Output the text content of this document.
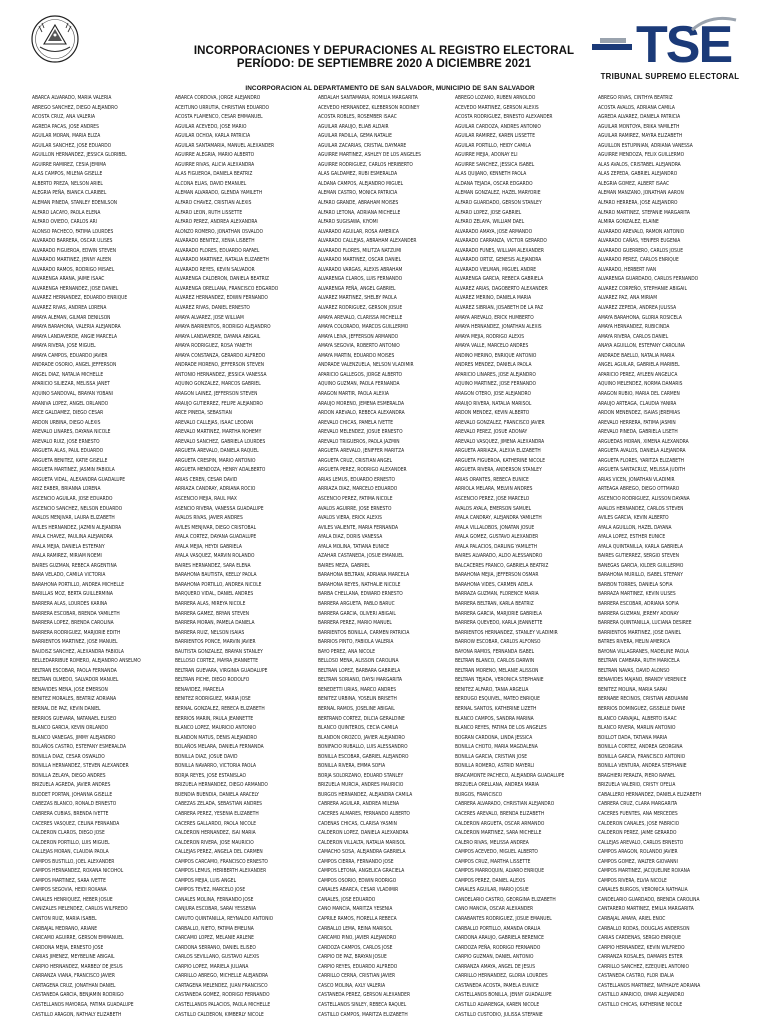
INCORPORACIONES Y DEPURACIONES AL REGISTRO ELECTORAL
PERÍODO: DE SEPTIEMBRE 2020 A DICIEMBRE 2021	TSE
TRIBUNAL SUPREMO ELECTORAL
INCORPORACION AL DEPARTAMENTO DE SAN SALVADOR, MUNICIPIO DE SAN SALVADOR
ABARCA ALVARADO, MARIA VALERIA
ABREGO SANCHEZ, DIEGO ALEJANDRO
ACOSTA CRUZ, ANA VALERIA
AGREDA PACAS, JOSE ANDRES
AGUILAR MORAN, MARIA ELIZA
AGUILAR SANCHEZ, JOSE EDUARDO
AGUILLON HERNANDEZ, JESSICA GLORIBEL
AGUIRRE RAMIREZ, CESIA JEMIMA
ALAS CAMPOS, MILENA GISELLE
ALBERTO PREZA, NELSON ARIEL
ALEGRIA PEÑA, BIANCA CLARIBEL
ALEMAN PINEDA, STANLEY EDENILSON
ALFARO LACAYO, PAOLA ELENA
ALFARO OVIEDO, CARLOS ARI
ALONSO PACHECO, FATIMA LOURDES
ALVARADO BARRERA, OSCAR ULISES
ALVARADO FIGUEROA, EDWIN STEVEN
ALVARADO MARTINEZ, JENNY ALEEN
ALVARADO RAMOS, RODRIGO MISAEL
ALVARENGA ARANA, JAIME ISAAC
ALVARENGA HERNANDEZ, JOSE DANIEL
ALVAREZ HERNANDEZ, EDUARDO ENRIQUE
ALVAREZ RIVAS, ANDREA LORENA
AMAYA ALEMAN, GILMAR DENILSON
AMAYA BARAHONA, VALERIA ALEJANDRA
AMAYA LANDAVERDE, ANGIE MARCELA
AMAYA RIVERA, JOSE MIGUEL
AMAYA CAMPOS, EDUARDO JAVIER
ANDRADE OSORIO, ANGEL JEFFERSON
ANGEL DIAZ, NATALIA MICHELLE
APARICIO SILIEZAR, MELISSA JANET
AQUINO SANDOVAL, BRAYAN YOBANI
ARANIVA LOPEZ, ANGEL ORLANDO
ARCE GALDAMEZ, DIEGO CESAR
ARDON URBINA, DIEGO ALEXIS
AREVALO LINARES, DAYANA NICOLE
AREVALO RUIZ, JOSE ERNESTO
ARGUETA ALAS, PAUL EDUARDO
ARGUETA BENITEZ, KATIE GISELLE
ARGUETA MARTINEZ, JASMIN FABIOLA
ARGUETA VIDAL, ALEXANDRA GUADALUPE
ARIZ EABER, BRIANNA LORENA
ASCENCIO AGUILAR, JOSE EDUARDO
ASCENCIO SANCHEZ, NELSON EDUARDO
AVALOS MENJIVAR, LAURA ELIZABETH
AVILES HERNANDEZ, JAZMIN ALEJANDRA
AYALA CHAVEZ, PAULINA ALEJANDRA
AYALA MEJIA, DANIELA ESTEFANY
AYALA RAMIREZ, MIRIAM NOEMI
BAIRES GUZMAN, REBECA ARGENTINA
BARA VELADO, CAMILA VICTORIA
BARAHONA PORTILLO, ANDREA MICHELLE
BARILLAS MOZ, BERTA GUILLERMINA
BARRERA ALAS, LOURDES KARINA
BARRERA ESCOBAR, BRENDA YAMILETH
BARRERA LOPEZ, BRENDA CAROLINA
BARRERA RODRIGUEZ, MARJORIE EDITH
BARRIENTOS MARTINEZ, JOSE MANUEL
BAUDISZ SANCHEZ, ALEXANDRA FABIOLA
BELLEDARRIBUE ROMERO, ALEJANDRO ANSELMO
BELTRAN ESCOBAR, PAOLA FERNANDA
BELTRAN OLMEDO, SALVADOR MANUEL
BENAVIDES MENA, JOSE EMERSON
BENITEZ MORALES, BEATRIZ ADRIANA
BERNAL DE PAZ, KEVIN DANIEL
BERRIOS GUEVARA, NATANAEL ELISEO
BLANCO GARCIA, KEVIN ORLANDO
BLANCO VANEGAS, JIMMY ALEJANDRO
BOLAÑOS CASTRO, ESTEFANY ESMERALDA
BONILLA DIAZ, CESAR OSWALDO
BONILLA HERNANDEZ, STEVEN ALEXANDER
BONILLA ZELAYA, DIEGO ANDRES
BRIZUELA AGREDA, JAVIER ANDRES
BUDDET PORTAN, JOHANNA GISELLE
CABEZAS BLANCO, RONALD ERNESTO
CABRERA CUBIAS, BRENDA IVETTE
CACERES VASQUEZ, CELINA FERNANDA
CALDERON CLAROS, DIEGO JOSE
CALDERON PORTILLO, LUIS MIGUEL
CALLEJAS MORAN, CLAUDIA PAOLA
CAMPOS BUSTILLO, JOEL ALEXANDER
CAMPOS HERNANDEZ, ROXANA NICOHOL
CAMPOS MARTINEZ, SARA IVETTE
CAMPOS SEGOVIA, HEIDI ROXANA
CANALES HENRIQUEZ, HEBER JOSUE
CANIZALES MELENDEZ, CARLOS WILFREDO
CANTON RUIZ, MARIA ISABEL
CARBAJAL MEDRANO, ARIANE
CARCAMO AGUIRRE, GERSON EMMANUEL
CARDONA MEJIA, ERNESTO JOSE
CARIAS JIMENEZ, MEYBELINE ABIGAIL
CARPIO HERNANDEZ, MARBELY DE JESUS
CARRANZA VIANA, FRANCISCO JAVIER
CARTAGENA CRUZ, JONATHAN DANIEL
CASTANEDA GARCIA, BENJAMIN RODRIGO
CASTELLANOS MAYORGA, FATIMA GUADALUPE
CASTILLO ARAGON, NATHALY ELIZABETH
ABARCA CORDOVA, JORGE ALEJANDRO
ACEITUNO URRUTIA, CHRISTIAN EDUARDO
ACOSTA FLAMENCO, CESAR EMMANUEL
AGUILAR ACEVEDO, JOSE MARIO
AGUILAR OCHOA, KARLA PATRICIA
AGUILAR SANTAMARIA, MANUEL ALEXANDER
AGUIRRE ALEGRIA, MARIO ALBERTO
AGUIRRE RIVAS, ALICIA ALEXANDRA
ALAS FIGUEROA, DANIELA BEATRIZ
ALCONA ELIAS, DAVID EMANUEL
ALEMAN ALVARADO, GLENDA YAMILETH
ALFARO CHAVEZ, CRISTIAN ALEXIS
ALFARO LEON, RUTH LISSETTE
ALFARO PEREZ, ANDREA ALEXANDRA
ALONZO ROMERO, JONATHAN OSVALDO
ALVARADO BENITEZ, XENIA LISBETH
ALVARADO FLORES, EDUARDO RAFAEL
ALVARADO MARTINEZ, NATALIA ELIZABETH
ALVARADO REYES, KEVIN SALVADOR
ALVARENGA CALDERON, DANIELA BEATRIZ
ALVARENGA ORELLANA, FRANCISCO EDGARDO
ALVAREZ HERNANDEZ, EDWIN FERNANDO
ALVAREZ RIVAS, DANIEL ERNESTO
AMAYA ALVAREZ, JOSE WILLIAM
AMAYA BARRIENTOS, RODRIGO ALEJANDRO
AMAYA LANDAVERDE, DAYANA ABIGAIL
AMAYA RODRIGUEZ, ROSA YANETH
AMAYA CONSTANZA, GERARDO ALFREDO
ANDRADE MORENO, JEFFERSON STEVEN
ANTONIO HERNANDEZ, JESSICA VANESSA
AQUINO GONZALEZ, MARCOS GABRIEL
ARAGON LAINEZ, JEFFERSON STEVEN
ARAUJO GUTIERREZ, FELIPE ALEJANDRO
ARCE PINEDA, SEBASTIAN
AREVALO CALLEJAS, ISAAC LEODAN
AREVALO MARTINEZ, MARTHA NOHEMY
AREVALO SANCHEZ, GABRIELA LOURDES
ARGUETA AREVALO, DANIELA RAQUEL
ARGUETA CRESPIN, MARIO ANTONIO
ARGUETA MENDOZA, HENRY ADALBERTO
ARIAS CEREN, CESAR DAVID
ARRIAZA CANDRAY, ADRIANA ROCIO
ASCENCIO MEJIA, RAUL MAX
ASENCIO RIVERA, VANESSA GUADALUPE
AVALOS RIVAS, JAVIER ANDRES
AVILES MENJIVAR, DIEGO CRISTOBAL
AYALA CORTEZ, DAYANA GUADALUPE
AYALA MEJIA, HEYDI GABRIELA
AYALA VASQUEZ, MARVIN ROLANDO
BAIRES HERNANDEZ, SARA ELENA
BARAHONA BAUTISTA, KEELLY PAOLA
BARAHONA PORTILLO, ANDREA NICOLE
BARQUERO VIDAL, DANIEL ANDRES
BARRERA ALAS, MIREYA NICOLE
BARRERA GAMEZ, BRYAN STEVEN
BARRERA MORAN, PAMELA DANIELA
BARRERA RUIZ, NELSON ISAIAS
BARRIENTOS PONCE, MARVIN JAVIER
BAUTISTA GONZALEZ, BRAYAN STANLEY
BELLOSO CORTEZ, MAYRA JEANNETTE
BELTRAN GUEVARA, VIRGINIA GUADALUPE
BELTRAN PICHE, DIEGO RODOLFO
BENAVIDEZ, MARCELA
BENITEZ RODRIGUEZ, MARIA JOSE
BERNAL GONZALEZ, REBECA ELIZABETH
BERRIOS MARIN, PAULA JEANNETTE
BLANCO LOPEZ, MAURICIO ANTONIO
BLANDON MATUS, DENIS ALEJANDRO
BOLAÑOS MELARA, DANIELA FERNANDA
BONILLA DIAZ, JOSUE DAVID
BONILLA NAVARRO, VICTORIA PAOLA
BORJA REYES, JOSE ESTANISLAO
BRIZUELA HERNANDEZ, DIEGO ARMANDO
BUENDIA BUENDIA, DANIELA ARACELY
CABEZAS ZELADA, SEBASTIAN ANDRES
CABRERA PEREZ, YESENIA ELIZABETH
CACERES GALLARDO, PAOLA NICOLE
CALDERON HERNANDEZ, ISAI MARIA
CALDERON RIVERA, JOSE MAURICIO
CALLEJAS PEREZ, ANGELA DEL CARMEN
CAMPOS CARCAMO, FRANCISCO ERNESTO
CAMPOS LEMUS, HERIBERTH ALEXANDER
CAMPOS MEJIA, LUIS ANGEL
CAMPOS TEVEZ, MARCELO JOSE
CANALES MOLINA, FERNANDO JOSE
CANJURA ESCOBAR, SARAI YESSENIA
CANUTO QUINTANILLA, REYNALDO ANTONIO
CARBALLO, NIETO, FATIMA EMELINA
CARCAMO LOPEZ, MELANIE ARLENE
CARDONA SERRANO, DANIEL ELISEO
CARLOS SEVILLANO, GUSTAVO ALEXIS
CARPIO LOPEZ, MARIELA JULIANA
CARRILLO ABREGO, MICHELLE ALEJANDRA
CARTAGENA MELENDEZ, JUAN FRANCISCO
CASTANEDA GOMEZ, RODRIGO FERNANDO
CASTELLANOS PALACIOS, PAOLA MICHELLE
CASTILLO CALDERON, KIMBERLY NICOLE
ABDALAH SANTAMARIA, ROMILIA MARGARITA
ACEVEDO HERNANDEZ, KLEBERSON RODINEY
ACOSTA ROBLES, ROSEMBER ISAAC
AGUILAR ARAUJO, ELIAB ALDAIR
AGUILAR PADILLA, GEMA NATALIE
AGUILAR ZACARIAS, CRISTIAL DAYMARE
AGUIRRE MARTINEZ, ASHLEY DE LOS ANGELES
AGUIRRE RODRIGUEZ, CARLOS HERIBERTO
ALAS GALDAMEZ, RUBI ESMERALDA
ALDANA CAMPOS, ALEJANDRO MIGUEL
ALEMAN CASTRO, MONICA PATRICIA
ALFARO GRANDE, ABRAHAM MOISES
ALFARO LETONA, ADRIANA MICHELLE
ALFARO SUGISAWA, KIYOMI
ALVARADO AGUILAR, ROSA AMERICA
ALVARADO CALLEJAS, ABRAHAM ALEXANDER
ALVARADO FLORES, MILITZA NATZUMI
ALVARADO MARTINEZ, OSCAR DANIEL
ALVARADO VARGAS, ALEXIS ABRAHAM
ALVARENGA CLAROS, LUIS FERNANDO
ALVARENGA PEÑA, ANGEL GABRIEL
ALVAREZ MARTINEZ, SHELBY PAOLA
ALVAREZ RODRIGUEZ, GERSON JOSUE
AMAYA AREVALO, CLARISSA MICHELLE
AMAYA COLORADO, MARCOS GUILLERMO
AMAYA LEIVA, JEFFERSON ARMANDO
AMAYA SEGOVIA, ROBERTO ANTONIO
AMAYA MARTIN, EDUARDO MOISES
ANDRADE VALENZUELA, NELSON VLADIMIR
APARICIO GALLEGOS, JORGE ALBERTO
AQUINO GUZMAN, PAOLA FERNANDA
ARAGON MARTIR, PAOLA ALEXIA
ARAUJO MORENO, JEMENA ESMERALDA
ARDON AREVALO, REBECA ALEXANDRA
AREVALO CHICAS, PAMELA IVETTE
AREVALO MELENDEZ, JOSUE ERNESTO
AREVALO TRIGUEROS, PAOLA JAZMIN
ARGUETA AREVALO, JENIFFER MARITZA
ARGUETA CRUZ, CRISTIAN ANGEL
ARGUETA PEREZ, RODRIGO ALEXANDER
ARIAS LEMUS, EDUARDO ERNESTO
ARRIAZA DIAZ, MARCELO EDUARDO
ASCENCIO PEREZ, FATIMA NICOLE
AVALOS AGUIRRE, JOSE ERNESTO
AVALOS VIERA, ERICK ALEXIS
AVILES VALIENTE, MARIA FERNANDA
AYALA DIAZ, DORIS VANESSA
AYALA MOLINA, TATIANA EUNICE
AZAHAR CASTANEDA, JOSUE EMANUEL
BAIRES MEZA, GABRIEL
BARAHONA BELTRAN, ADRIANA MARCELA
BARAHONA REYES, NATHALIE NICOLE
BARBA CHELLANA, EDWARD ERNESTO
BARRERA ARGUETA, PABLO BARUC
BARRERA GARCIA, OLIVERI ABIGAIL
BARRERA PEREZ, MARIO MANUEL
BARRIENTOS BONILLA, CARMEN PATRICIA
BARRIOS PINTO, FABIOLA VALERIA
BAYO PEREZ, ANA NICOLE
BELLOSO MENA, ALISSON CAROLINA
BELTRAN LOPEZ, BARBARA GABRIELA
BELTRAN SORIANO, DAYSI MARGARITA
BENEDETTI URIAS, MARCO ANDRES
BENITEZ URBINA, YOSELIN BRISETH
BERNAL RAMOS, JOSELINE ABIGAIL
BERTRAND CORTEZ, DILCIA GERALDINE
BLANCO QUINTEROS, CECIA CAMILA
BLANDON OROZCO, JAVIER ALEJANDRO
BONIFACIO RUBALLO, LUIS ALESSANDRO
BONILLA ESCOBAR, GABRIEL ALEJANDRO
BONILLA RIVERA, EMMA SOFIA
BORJA SOLORZANO, EDUARD STANLEY
BRIZUELA MURCIA, ANDRES MAURICIO
BURGOS HERNANDEZ, ALEJANDRA CAMILA
CABRERA AGUILAR, ANDREA MILENA
CACERES ALMARES, FERNANDO ALBERTO
CADENAS CHICAS, CLARISA YASMIN
CALDERON LOPEZ, DANIELA ALEXANDRA
CALDERON VILLALTA, NATALIA MARISOL
CAMACHO SOSA, ALEJANDRA GABRIELA
CAMPOS CIERRA, FERNANDO JOSE
CAMPOS LETONA, ANGELICA GRACIELA
CAMPOS OSORIO, EDWIN RODRIGO
CANALES ABARCA, CESAR VLADIMIR
CANALES, JOSE EDUARDO
CANO MANCIA, MARITZA YESENIA
CAPRILE RAMOS, FIORELLA REBECA
CARBALLO LEMA, REINA MARISOL
CARCAMO PINO, JAVIER ALEJANDRO
CARDOZA CAMPOS, CARLOS JOSE
CARPIO DE PAZ, BRAYAN JOSUE
CARPIO REYES, EDUARDO ALFREDO
CARRILLO CERNA, CRISTIAN JAVIER
CASCO MOLINA, AXLY VALERIA
CASTANEDA PEREZ, GERSON ALEXANDER
CASTELLANOS SINLEY, REBECA RAQUEL
CASTILLO CAMPOS, MARITZA ELIZABETH
ABREGO LOZANO, RUBEN ARNOLDO
ACEVEDO MARTINEZ, GERSON ALEXIS
ACOSTA RODRIGUEZ, ERNESTO ALEXANDER
AGUILAR CARDOZA, ANDRES ANTONIO
AGUILAR RAMIREZ, KAREN LISSETTE
AGUILAR PORTILLO, HEIDY CAMILA
AGUIRRE MEJIA, ADONAY ELI
AGUIRRE SANCHEZ, JESSICA ISABEL
ALAS QUIJANO, KENNETH PAOLA
ALDANA TEJADA, OSCAR EDGARDO
ALEMAN GONZALEZ, HAZEL MARYORIE
ALFARO GUARDADO, GERSON STANLEY
ALFARO LOPEZ, JOSE GABRIEL
ALFARO ZELAYA, WILLIAM DAEL
ALVARADO AMAYA, JOSE ARMANDO
ALVARADO CARRANZA, VICTOR GERARDO
ALVARADO FUNES, WILLIAM ALEXANDER
ALVARADO ORTIZ, GENESIS ALEJANDRA
ALVARADO VIELMAN, MIGUEL ANDRE
ALVARENGA GARCIA, REBECA GABRIELA
ALVAREZ ARIAS, DAGOBERTO ALEXANDER
ALVAREZ MERINO, DANIELA MARIA
ALVAREZ SIBRIAN, JOSABETH DE LA PAZ
AMAYA AREVALO, ERICK HUMBERTO
AMAYA HERNANDEZ, JONATHAN ALEXIS
AMAYA MEJIA, RODRIGO ALEXIS
AMAYA VALLE, MARCELO ANDRES
ANDINO MERINO, ENRIQUE ANTONIO
ANDRES MENDEZ, DANIELA PAOLA
APARICIO LINARES, JOSE ALEJANDRO
AQUINO MARTINEZ, JOSE FERNANDO
ARAGON OTERO, JOSE ALEJANDRO
ARAUJO RIVERA, NATALIA MARISOL
ARDON MENDEZ, KEVIN ALBERTO
AREVALO GONZALEZ, FRANCISCO JAVIER
AREVALO PEREZ, JOSUE ADONAY
AREVALO VASQUEZ, JIMENA ALEXANDRA
ARGUETA ARRIAZA, ALEXIA ELIZABETH
ARGUETA FIGUEROA, KATHERINE NICOLE
ARGUETA RIVERA, ANDERSON STANLEY
ARIAS ORANTES, REBECA EUNICE
ARRIOLA MELARA, MELVIN ANDRES
ASCENCIO PEREZ, JOSE MARCELO
AVALOS AYALA, EMERSON SAMUEL
AYALA CANDRAY, ALEJANDRA YAMILETH
AYALA VILLALOBOS, JONATAN JOSUE
AYALA GOMEZ, GUSTAVO ALEXANDER
AYALA PALACIOS, DARLING YAMILETH
BAIRES ALVARADO, ALDO ALESSANDRO
BALCACERES FRANCO, GABRIELA BEATRIZ
BARAHONA MEJIA, JEFFERSON OSMAR
BARAHONA VIDES, CARMEN ADELA
BARRAZA GUZMAN, FLORENCE MARIA
BARRERA BELTRAN, KARLA BEATRIZ
BARRERA GARCIA, MARJORIE GABRIELA
BARRERA QUEVEDO, KARLA JEANNETTE
BARRIENTOS HERNANDEZ, STANLEY VLADIMIR
BARROW ESCOBAR, CARLOS ALFONSO
BAYONA RAMOS, FERNANDA ISABEL
BELTRAN BLANCO, CARLOS DARWIN
BELTRAN MORENO, MELANIE ALISSON
BELTRAN TEJADA, VERONICA STEPHANIE
BENITEZ ALFARO, TANIA ARGELIA
BERDUGO ESQUIVEL, MATEO ENRIQUE
BERNAL SANTOS, KATHERINE LIZETH
BLANCO CAMPOS, SANDRA MARINA
BLANCO REYES, FATIMA DE LOS ANGELES
BOGRAN CARDONA, LINDA JESSICA
BONILLA CHOTO, MARIA MAGDALENA
BONILLA GARCIA, CRISTIAN JOSE
BONILLA ROMERO, ASTRID MAYERLI
BRACAMONTE PACHECO, ALEJANDRA GUADALUPE
BRIZUELA ORELLANA, ANDREA MARIA
BURGOS, FRANCISCO
CABRERA ALVARADO, CHRISTIAN ALEJANDRO
CACERES AREVALO, BRENDA ELIZABETH
CALDERON ARGUETA, OSCAR ARMANDO
CALDERON MARTINEZ, SARA MICHELLE
CALERO RIVAS, MELISSA ANDREA
CAMPOS ACEVEDO, MIGUEL ALBERTO
CAMPOS CRUZ, MARTHA LISSETTE
CAMPOS MARROQUIN, ALVARO ENRIQUE
CAMPOS PEREZ, DANIEL ALEXIS
CANALES AGUILAR, MARIO JOSUE
CANDELARIO CASTRO, GEORGINA ELIZABETH
CANO MANCIA, OSCAR ALEXANDER
CARABANTES RODRIGUEZ, JOSUE EMANUEL
CARBALLO PORTILLO, AMANDA ORALIA
CARDONA ARAUJO, GABRIELA BERENICE
CARDOZA PEÑA, RODRIGO FERNANDO
CARPIO GUZMAN, DANIEL ANTONIO
CARRANZA AMAYA, ANGEL DE JESUS
CARRILLO HERNANDEZ, GLORIA LOURDES
CASTANEDA ACOSTA, PAMELA EUNICE
CASTELLANOS BONILLA, JENNY GUADALUPE
CASTILLO ALVARENGA, KAREN NICOLE
CASTILLO CUSTODIO, JULISSA STEFANIE
ABREGO RIVAS, CINTHYA BEATRIZ
ACOSTA AVALOS, ADRIANA CAMILA
AGREDA ALVAREZ, DANIELA PATRICIA
AGUILAR MONTOYA, ERIKA YAMILETH
AGUILAR RAMIREZ, MAYRA ELIZABETH
AGUILLON ESTUPINIAN, ADRIANA VANESSA
AGUIRRE MENDOZA, FELIX GUILLERMO
ALAS AVALOS, CRISTABEL ALEJANDRA
ALAS ZEPEDA, GABRIEL ALEJANDRO
ALEGRIA GOMEZ, ALBERT ISAAC
ALEMAN MANZANO, JONATHAN AARON
ALFARO HERRERA, JOSE ALEJANDRO
ALFARO MARTINEZ, STEFANIE MARGARITA
ALMIRA GONZALEZ, ELAINE
ALVARADO AREVALO, RAMON ANTONIO
ALVARADO CAÑAS, YENIFER EUGENIA
ALVARADO GUERRERO, CARLOS JOSUE
ALVARADO PEREZ, CARLOS ENRIQUE
ALVARADO, HERBERT IVAN
ALVARENGA GUARDADO, CARLOS FERNANDO
ALVAREZ CORPEÑO, STEPHANIE ABIGAIL
ALVAREZ PAZ, ANA MIRIAM
ALVAREZ ZEPEDA, ANDREA JULISSA
AMAYA BARAHONA, GLORIA ROSICELA
AMAYA HERNANDEZ, RUBICINDA
AMAYA RIVERA, CARLOS DANIEL
ANAYA AGUILLON, ESTEFANY CAROLINA
ANDRADE BAELLO, NATALIA MARIA
ANGEL AGUILAR, GABRIELA MARIBEL
APARICIO PEREZ, AYLEEN ANGELICA
AQUINO MELENDEZ, NORMA DAMARIS
ARAGON RUBIO, MARIA DEL CARMEN
ARAUJO ARTEAGA, CLAUDIA YANIRA
ARDON MENENDEZ, ISAIAS JEREMIAS
AREVALO HERRERA, FATIMA JASMIN
AREVALO PINEDA, GABRIELA LISETH
ARGUEDAS MORAN, XIMENA ALEXANDRA
ARGUETA AVALOS, DANIELA ALEJANDRA
ARGUETA FLORES, YARITZA ELIZABETH
ARGUETA SANTACRUZ, MELISSA JUDITH
ARIAS VICEN, JONATHAN VLADIMIR
ARTEAGA ABREGO, DIEGO OTTMARO
ASCENCIO RODRIGUEZ, ALISSON DAYANA
AVALOS HERNANDEZ, CARLOS STEVEN
AVILES GARCIA, KEVIN ALBERTO
AYALA AGUILLON, HAZEL DAYANA
AYALA LOPEZ, ESTHER EUNICE
AYALA QUINTANILLA, KARLA GABRIELA
BAIRES GUTIERREZ, SERGIO STEVEN
BANEGAS GARCIA, KILDER GUILLERMO
BARAHONA MURILLO, ISABEL STEFANY
BARBON TORRES, DANIELA SOFIA
BARRAZA MARTINEZ, KEVIN ULISES
BARRERA ESCOBAR, ADRIANA SOFIA
BARRERA GUZMAN, JEREMY ADONAY
BARRERA QUINTANILLA, LUCIANA DESIREE
BARRIENTOS MARTINEZ, JOSE DANIEL
BATRES RIVERA, MELIN AMERICA
BAYONA VILLAGRANES, MADELINE PAOLA
BELTRAN CAMBARA, RUTH MARICELA
BELTRAN NAVAS, DAVID ALONSO
BENAVIDES MAJANO, BRANDY VERENICE
BENITEZ MOLINA, MARIA SARAI
BERNABE RECINOS, CRISTIAN ABDUANNI
BERRIOS DOMINGUEZ, GISSELLE DIANE
BLANCO CARVAJAL, ALBERTO ISAAC
BLANCO RIVERA, MARLIN ANTONIO
BOILLOT DADA, TATIANA MARIA
BONILLA CORTEZ, ANDREA GEORGINA
BONILLA GARCIA, FRANCISCO ANTONIO
BONILLA VENTURA, ANDREA STEPHANIE
BRAGHIERI PERALTA, PIERO RAFAEL
BRIZUELA VALERIO, CRISTY OFELIA
CABALLERO HERNANDEZ, DANIELA ELIZABETH
CABRERA CRUZ, CLARA MARGARITA
CACERES FUENTES, ANA MERCEDES
CALDERON CANALES, JOSE FABRICIO
CALDERON PEREZ, JAIME GERARDO
CALLEJAS AREVALO, CARLOS ERNESTO
CAMPOS ARAGON, ROLANDO JAVIER
CAMPOS GOMEZ, WALTER GIOVANNI
CAMPOS MARTINEZ, JACQUELINE ROXANA
CAMPOS RIVERA, ELVIA NICOLE
CANALES BURGOS, VERONICA NATHALIA
CANDELARIO GUARDADO, BRENDA CAROLINA
CANTARERO MARTINEZ, EMILIA MARGARITA
CARBAJAL AMAYA, ARIEL ENOC
CARBALLO RODAS, DOUGLAS ANDERSON
CARIAS CARDENAS, SERGIO ENRIQUE
CARPIO HERNANDEZ, KEVIN WILFREDO
CARRANZA ROSALES, DAMARIS ESTER
CARRILLO SANCHEZ, EZEQUIEL ANTONIO
CASTANEDA CASTRO, FLOR IDALIA
CASTELLANOS MARTINEZ, NATHALYE ADRIANA
CASTILLO APARICIO, OMAR ALEJANDRO
CASTILLO CHICAS, KATHERINE NICOLE
